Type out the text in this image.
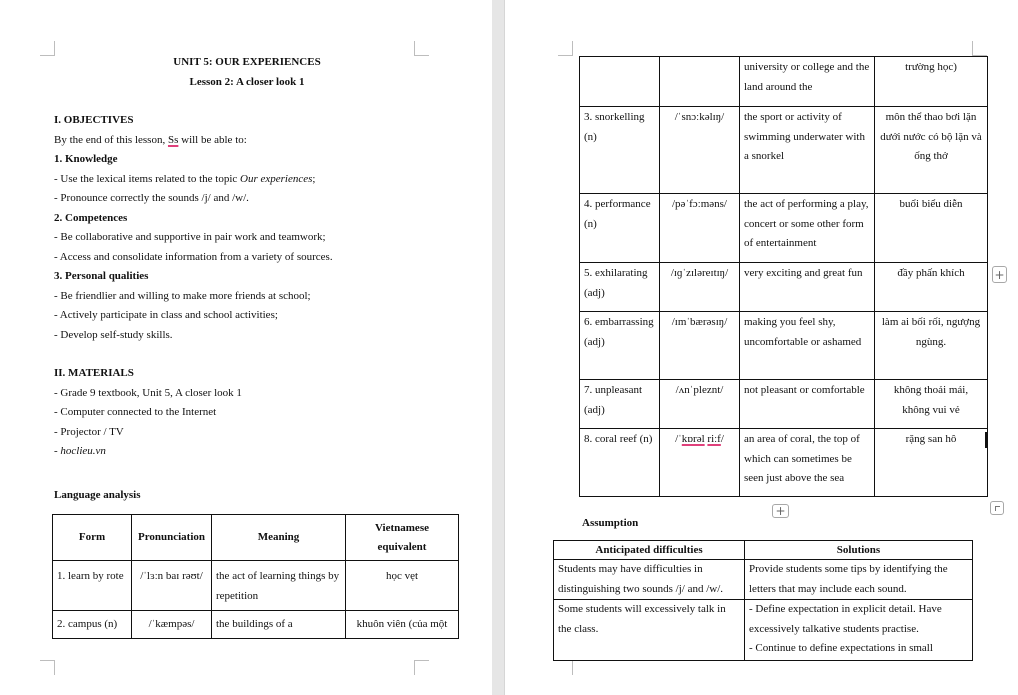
UNIT 5: OUR EXPERIENCES
Lesson 2: A closer look 1
I. OBJECTIVES
By the end of this lesson, Ss will be able to:
1. Knowledge
- Use the lexical items related to the topic Our experiences;
- Pronounce correctly the sounds /j/ and /w/.
2. Competences
- Be collaborative and supportive in pair work and teamwork;
- Access and consolidate information from a variety of sources.
3. Personal qualities
- Be friendlier and willing to make more friends at school;
- Actively participate in class and school activities;
- Develop self-study skills.
II. MATERIALS
- Grade 9 textbook, Unit 5, A closer look 1
- Computer connected to the Internet
- Projector / TV
- hoclieu.vn
Language analysis
Form	Pronunciation	Meaning	Vietnamese equivalent
1. learn by rote	/ˈlɜːn baɪ rəʊt/	the act of learning things by repetition	học vẹt
2. campus (n)	/ˈkæmpəs/	the buildings of a	khuôn viên (của một
		university or college and the land around the	trường học)
3. snorkelling (n)	/ˈsnɔːkəlɪŋ/	the sport or activity of swimming underwater with a snorkel	môn thể thao bơi lặn dưới nước có bộ lặn và ống thở
4. performance (n)	/pəˈfɔːməns/	the act of performing a play, concert or some other form of entertainment	buổi biểu diễn
5. exhilarating (adj)	/ɪɡˈzɪləreɪtɪŋ/	very exciting and great fun	đầy phấn khích
6. embarrassing (adj)	/ɪmˈbærəsɪŋ/	making you feel shy, uncomfortable or ashamed	làm ai bối rối, ngượng ngùng.
7. unpleasant (adj)	/ʌnˈpleznt/	not pleasant or comfortable	không thoải mái, không vui vẻ
8. coral reef (n)	/ˈkɒrəl riːf/	an area of coral, the top of which can sometimes be seen just above the sea	rặng san hô
+
+
Assumption
Anticipated difficulties	Solutions
Students may have difficulties in distinguishing two sounds /j/ and /w/.	Provide students some tips by identifying the letters that may include each sound.
Some students will excessively talk in the class.	- Define expectation in explicit detail. Have excessively talkative students practise.
- Continue to define expectations in small
